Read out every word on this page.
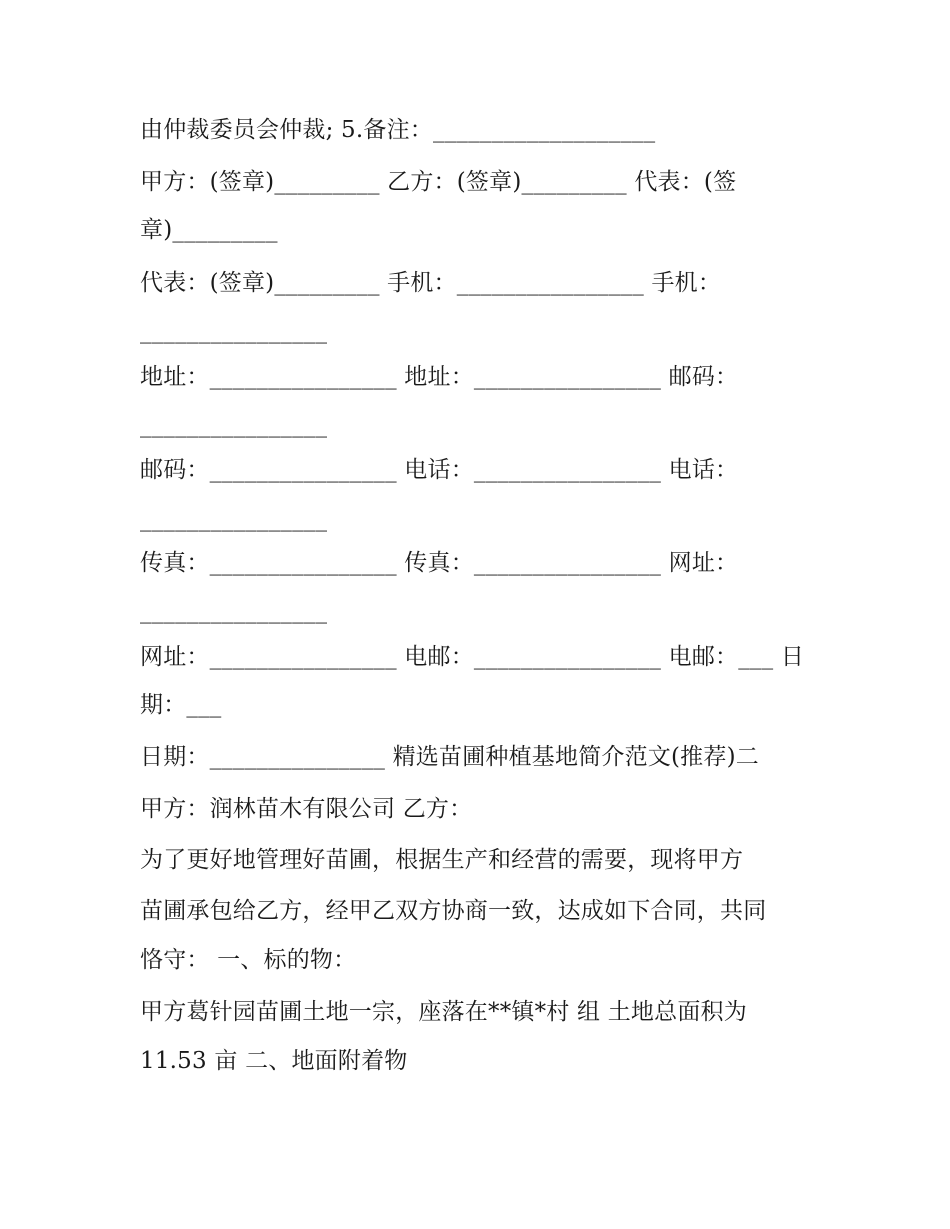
由仲裁委员会仲裁; 5.备注：___________________
甲方：(签章)_________ 乙方：(签章)_________ 代表：(签
章)_________
代表：(签章)_________ 手机：________________ 手机：
________________
地址：________________ 地址：________________ 邮码：
________________
邮码：________________ 电话：________________ 电话：
________________
传真：________________ 传真：________________ 网址：
________________
网址：________________ 电邮：________________ 电邮：___ 日
期：___
日期：_______________ 精选苗圃种植基地简介范文(推荐)二
甲方：润林苗木有限公司 乙方：
为了更好地管理好苗圃，根据生产和经营的需要，现将甲方
苗圃承包给乙方，经甲乙双方协商一致，达成如下合同，共同
恪守： 一、标的物：
甲方葛针园苗圃土地一宗，座落在**镇*村 组 土地总面积为
11.53 亩 二、地面附着物
